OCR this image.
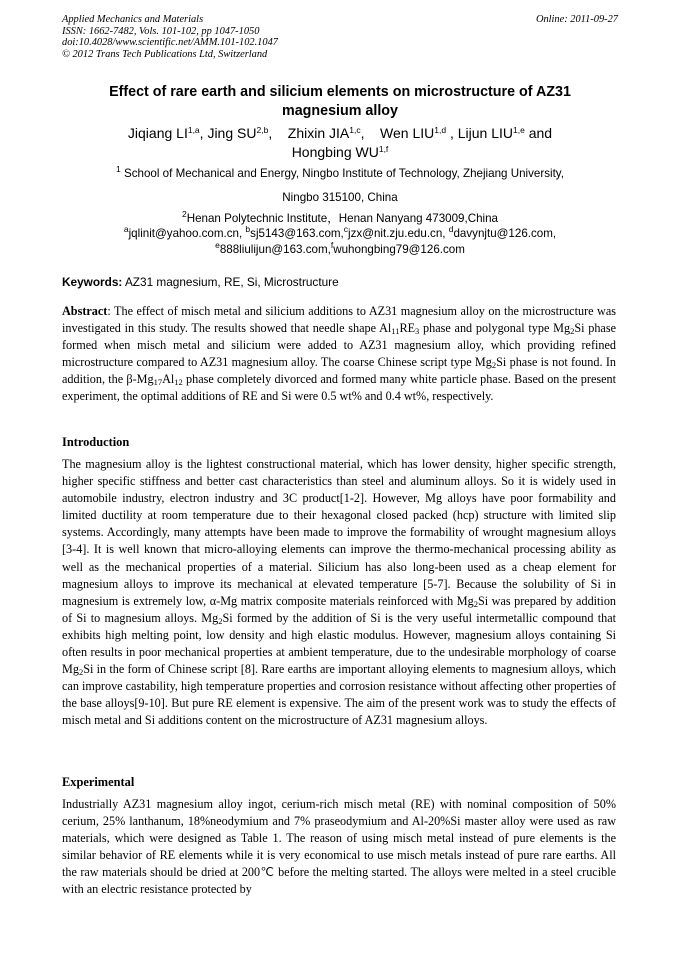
Applied Mechanics and Materials
ISSN: 1662-7482, Vols. 101-102, pp 1047-1050
doi:10.4028/www.scientific.net/AMM.101-102.1047
© 2012 Trans Tech Publications Ltd, Switzerland
Online: 2011-09-27
Effect of rare earth and silicium elements on microstructure of AZ31
magnesium alloy
Jiqiang LI$^{1,a}$, Jing SU$^{2,b}$,    Zhixin JIA$^{1,c}$,    Wen LIU$^{1,d}$ , Lijun LIU$^{1,e}$ and
Hongbing WU$^{1,f}$
$^1$ School of Mechanical and Energy, Ningbo Institute of Technology, Zhejiang University,
Ningbo 315100, China
$^2$Henan Polytechnic Institute，Henan Nanyang 473009,China
$^a$jqlinit@yahoo.com.cn, $^b$sj5143@163.com,$^c$jzx@nit.zju.edu.cn, $^d$davynjtu@126.com,
$^e$888liulijun@163.com,$^f$wuhongbing79@126.com
Keywords: AZ31 magnesium, RE, Si, Microstructure
Abstract: The effect of misch metal and silicium additions to AZ31 magnesium alloy on the microstructure was investigated in this study. The results showed that needle shape $Al_{11}RE_3$ phase and polygonal type $Mg_2Si$ phase formed when misch metal and silicium were added to AZ31 magnesium alloy, which providing refined microstructure compared to AZ31 magnesium alloy. The coarse Chinese script type $Mg_2Si$ phase is not found. In addition, the $\beta-Mg_{17}Al_{12}$ phase completely divorced and formed many white particle phase. Based on the present experiment, the optimal additions of RE and Si were 0.5 wt% and 0.4 wt%, respectively.
Introduction
The magnesium alloy is the lightest constructional material, which has lower density, higher specific strength, higher specific stiffness and better cast characteristics than steel and aluminum alloys. So it is widely used in automobile industry, electron industry and 3C product[1-2]. However, Mg alloys have poor formability and limited ductility at room temperature due to their hexagonal closed packed (hcp) structure with limited slip systems. Accordingly, many attempts have been made to improve the formability of wrought magnesium alloys [3-4]. It is well known that micro-alloying elements can improve the thermo-mechanical processing ability as well as the mechanical properties of a material. Silicium has also long-been used as a cheap element for magnesium alloys to improve its mechanical at elevated temperature [5-7]. Because the solubility of Si in magnesium is extremely low, α-Mg matrix composite materials reinforced with $Mg_2Si$ was prepared by addition of Si to magnesium alloys. $Mg_2Si$ formed by the addition of Si is the very useful intermetallic compound that exhibits high melting point, low density and high elastic modulus. However, magnesium alloys containing Si often results in poor mechanical properties at ambient temperature, due to the undesirable morphology of coarse $Mg_2Si$ in the form of Chinese script [8]. Rare earths are important alloying elements to magnesium alloys, which can improve castability, high temperature properties and corrosion resistance without affecting other properties of the base alloys[9-10]. But pure RE element is expensive. The aim of the present work was to study the effects of misch metal and Si additions content on the microstructure of AZ31 magnesium alloys.
Experimental
Industrially AZ31 magnesium alloy ingot, cerium-rich misch metal (RE) with nominal composition of 50% cerium, 25% lanthanum, 18%neodymium and 7% praseodymium and Al-20%Si master alloy were used as raw materials, which were designed as Table 1. The reason of using misch metal instead of pure elements is the similar behavior of RE elements while it is very economical to use misch metals instead of pure rare earths. All the raw materials should be dried at 200℃ before the melting started. The alloys were melted in a steel crucible with an electric resistance protected by
